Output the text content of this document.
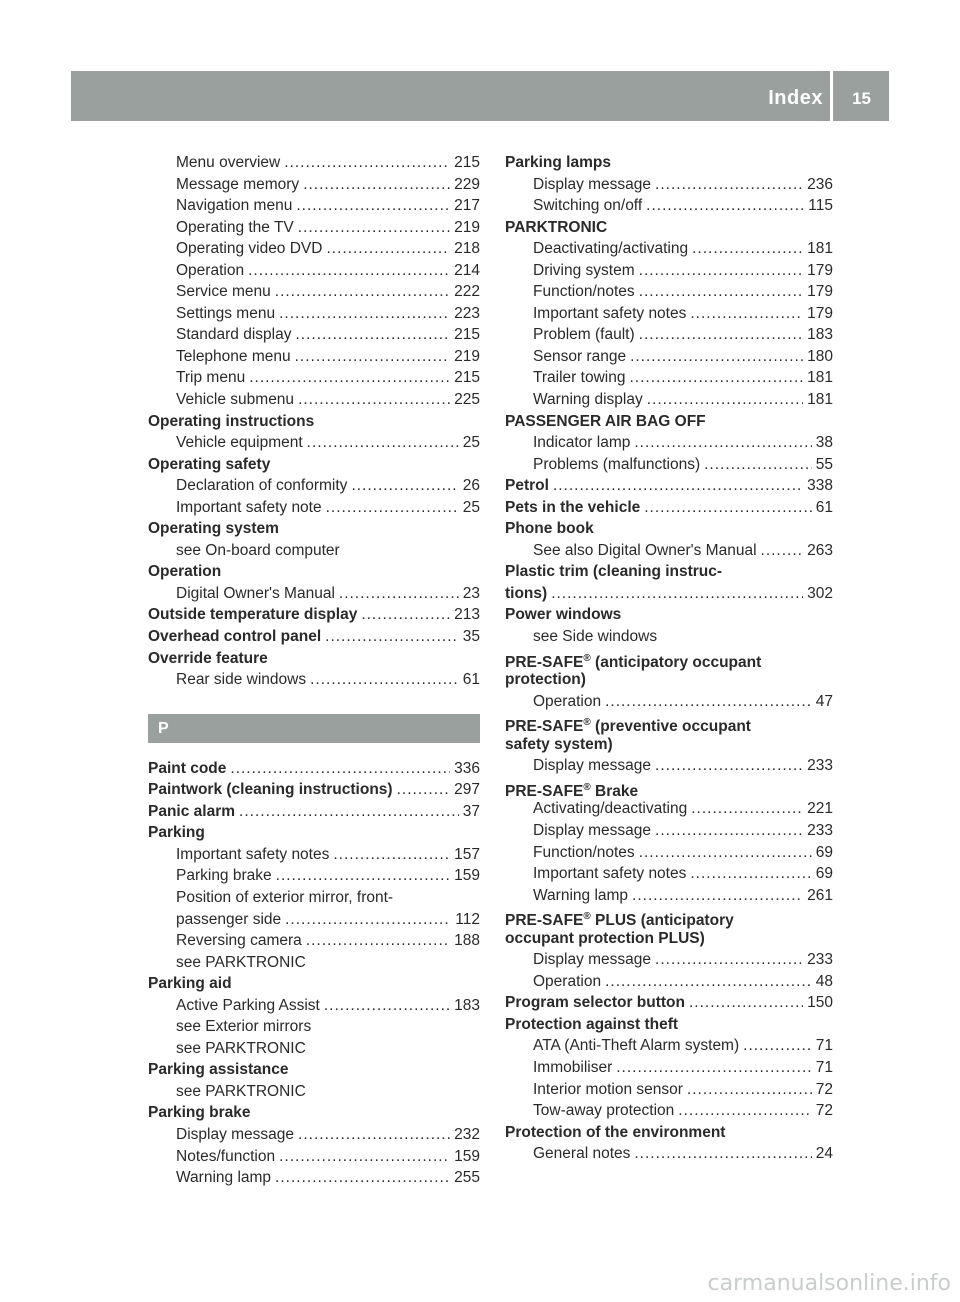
Index 15
Menu overview .....	215
Message memory .....	229
Navigation menu .....	217
Operating the TV .....	219
Operating video DVD .....	218
Operation .....	214
Service menu .....	222
Settings menu .....	223
Standard display .....	215
Telephone menu .....	219
Trip menu .....	215
Vehicle submenu .....	225
Operating instructions
Vehicle equipment .....	25
Operating safety
Declaration of conformity .....	26
Important safety note .....	25
Operating system
see On-board computer
Operation
Digital Owner's Manual .....	23
Outside temperature display .....	213
Overhead control panel .....	35
Override feature
Rear side windows .....	61
P
Paint code .....	336
Paintwork (cleaning instructions) .....	297
Panic alarm .....	37
Parking
Important safety notes .....	157
Parking brake .....	159
Position of exterior mirror, front-
passenger side .....	112
Reversing camera .....	188
see PARKTRONIC
Parking aid
Active Parking Assist .....	183
see Exterior mirrors
see PARKTRONIC
Parking assistance
see PARKTRONIC
Parking brake
Display message .....	232
Notes/function .....	159
Warning lamp .....	255
Parking lamps
Display message .....	236
Switching on/off .....	115
PARKTRONIC
Deactivating/activating .....	181
Driving system .....	179
Function/notes .....	179
Important safety notes .....	179
Problem (fault) .....	183
Sensor range .....	180
Trailer towing .....	181
Warning display .....	181
PASSENGER AIR BAG OFF
Indicator lamp .....	38
Problems (malfunctions) .....	55
Petrol .....	338
Pets in the vehicle .....	61
Phone book
See also Digital Owner's Manual .....	263
Plastic trim (cleaning instruc-
tions) .....	302
Power windows
see Side windows
PRE-SAFE® (anticipatory occupant
protection)
Operation .....	47
PRE-SAFE® (preventive occupant
safety system)
Display message .....	233
PRE-SAFE® Brake
Activating/deactivating .....	221
Display message .....	233
Function/notes .....	69
Important safety notes .....	69
Warning lamp .....	261
PRE-SAFE® PLUS (anticipatory
occupant protection PLUS)
Display message .....	233
Operation .....	48
Program selector button .....	150
Protection against theft
ATA (Anti-Theft Alarm system) .....	71
Immobiliser .....	71
Interior motion sensor .....	72
Tow-away protection .....	72
Protection of the environment
General notes .....	24
carmanualsonline.info
